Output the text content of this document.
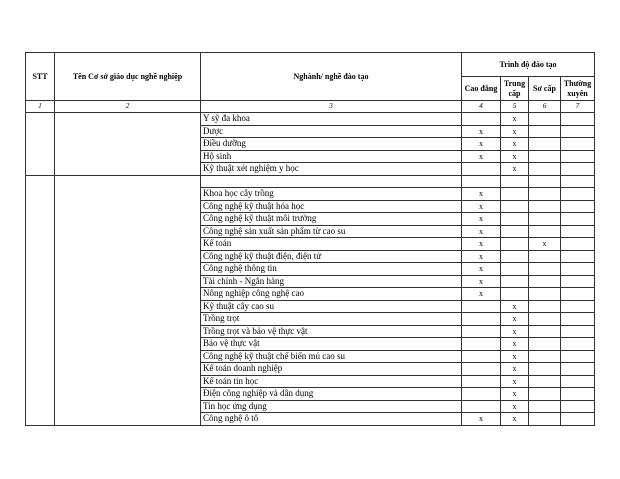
STT	Tên Cơ sở giáo dục nghề nghiệp	Nghành/ nghề đào tạo	Trình độ đào tạo			
			Cao đẳng	Trung cấp	Sơ cấp	Thường xuyên
1	2	3	4	5	6	7
		Y sỹ đa khoa		x		
		Dược	x	x		
		Điều dưỡng	x	x		
		Hộ sinh	x	x		
		Kỹ thuật xét nghiệm y học		x		

		Khoa học cây trồng	x			
		Công nghệ kỹ thuật hóa học	x			
		Công nghệ kỹ thuật môi trường	x			
		Công nghệ sản xuất sản phẩm từ cao su	x			
		Kế toán	x		x	
		Công nghệ kỹ thuật điện, điện tử	x			
		Công nghệ thông tin	x			
		Tài chính - Ngân hàng	x			
		Nông nghiệp công nghệ cao	x			
		Kỹ thuật cây cao su		x		
		Trồng trọt		x		
		Trồng trọt và bảo vệ thực vật		x		
		Bảo vệ thực vật		x		
		Công nghệ kỹ thuật chế biến mủ cao su		x		
		Kế toán doanh nghiệp		x		
		Kế toán tin học		x		
		Điện công nghiệp và dân dụng		x		
		Tin học ứng dụng		x		
		Công nghệ ô tô	x	x		
